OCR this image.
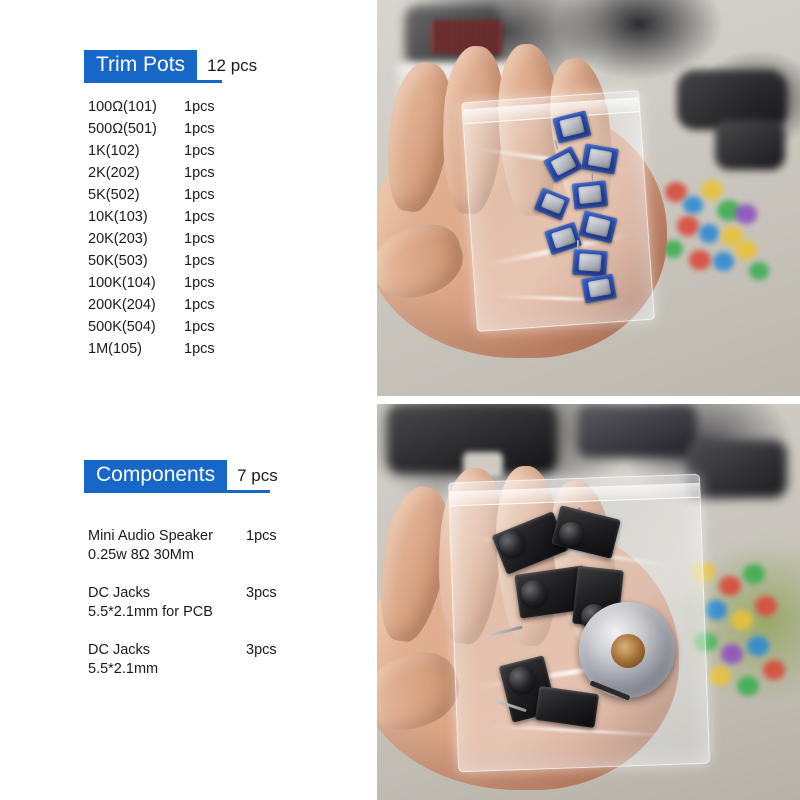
Trim Pots	12 pcs
100Ω(101)	1pcs
500Ω(501)	1pcs
1K(102)	1pcs
2K(202)	1pcs
5K(502)	1pcs
10K(103)	1pcs
20K(203)	1pcs
50K(503)	1pcs
100K(104)	1pcs
200K(204)	1pcs
500K(504)	1pcs
1M(105)	1pcs
Components	7 pcs
Mini Audio Speaker	1pcs
0.25w 8Ω 30Mm
DC Jacks	3pcs
5.5*2.1mm for PCB
DC Jacks	3pcs
5.5*2.1mm
